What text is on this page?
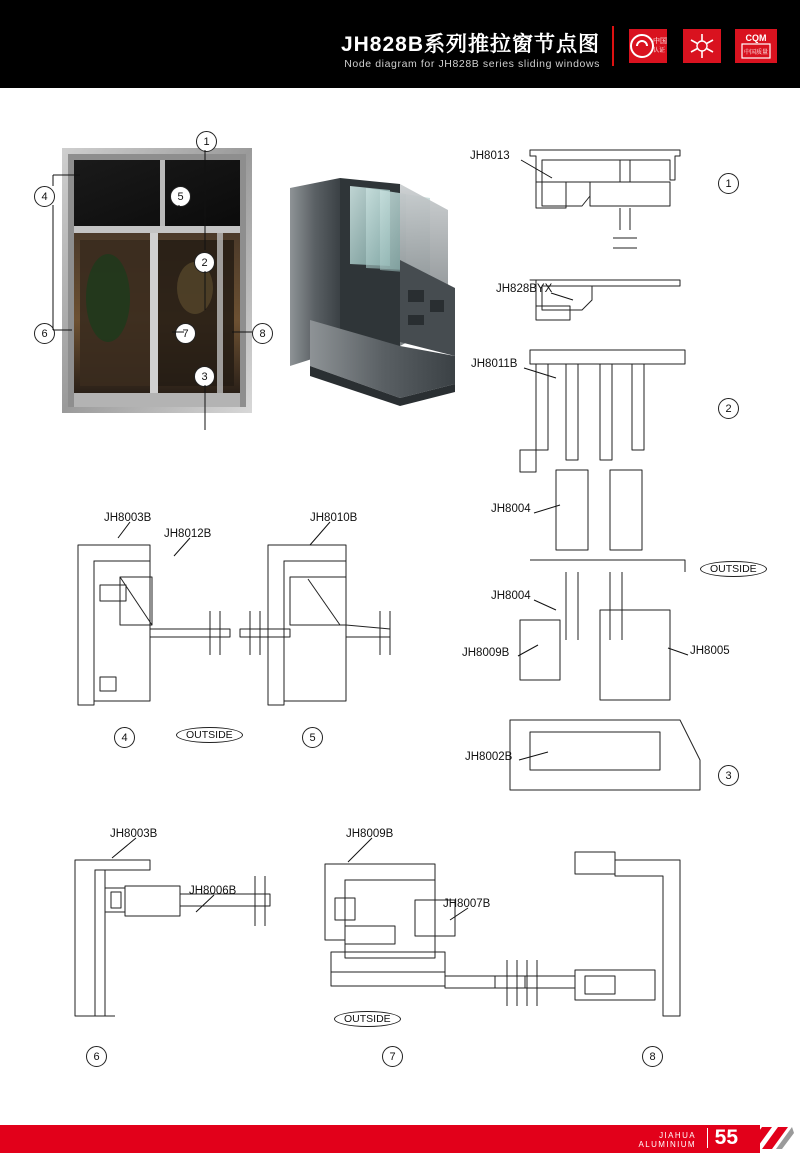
JH828B系列推拉窗节点图
Node diagram for JH828B series sliding windows
中国
认证
CQM
中国质量
1
4	5
2
6	7	8
3
JH8013
JH828BYX
JH8011B
JH8004
JH8004
JH8009B	JH8005
JH8002B
1
2
3
OUTSIDE
JH8003B
JH8012B
JH8010B
4	OUTSIDE	5
JH8003B
JH8006B
JH8009B
JH8007B
6
OUTSIDE
7	8
JIAHUA
ALUMINIUM 55
